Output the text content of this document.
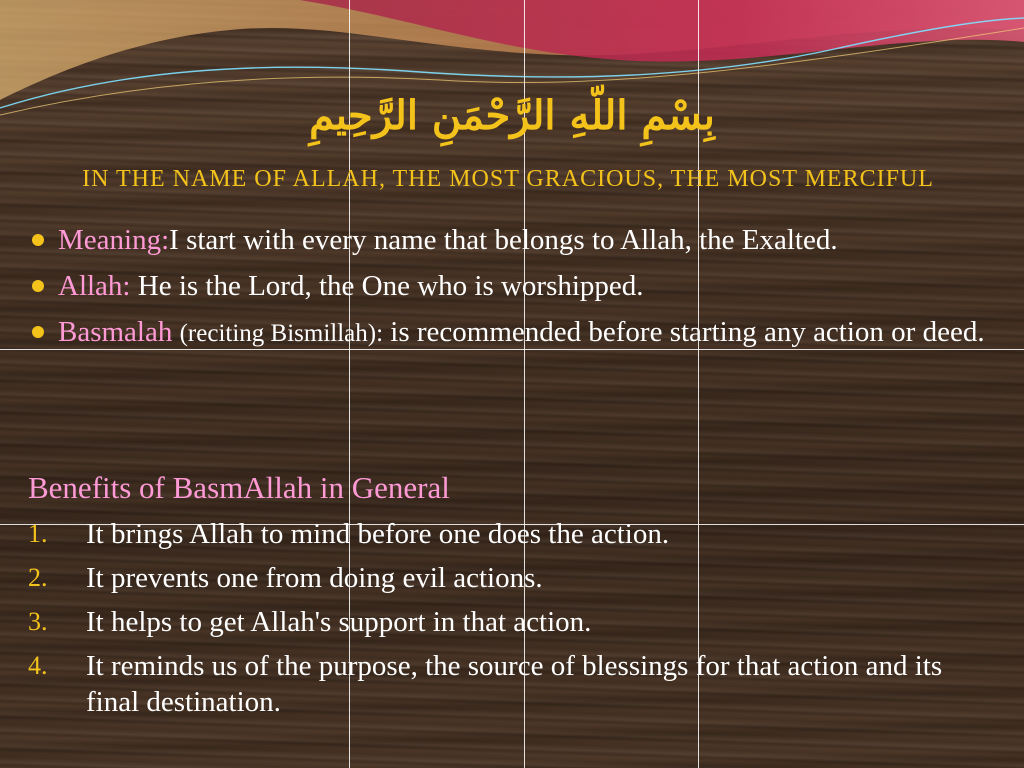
بِسْمِ اللّهِ الرَّحْمَنِ الرَّحِيمِ
IN THE NAME OF ALLAH, THE MOST GRACIOUS, THE MOST MERCIFUL
Meaning:I start with every name that belongs to Allah, the Exalted.
Allah: He is the Lord, the One who is worshipped.
Basmalah (reciting Bismillah): is recommended before starting any action or deed.
Benefits of BasmAllah in General
1. It brings Allah to mind before one does the action.
2. It prevents one from doing evil actions.
3. It helps to get Allah's support in that action.
4. It reminds us of the purpose, the source of blessings for that action and its final destination.
